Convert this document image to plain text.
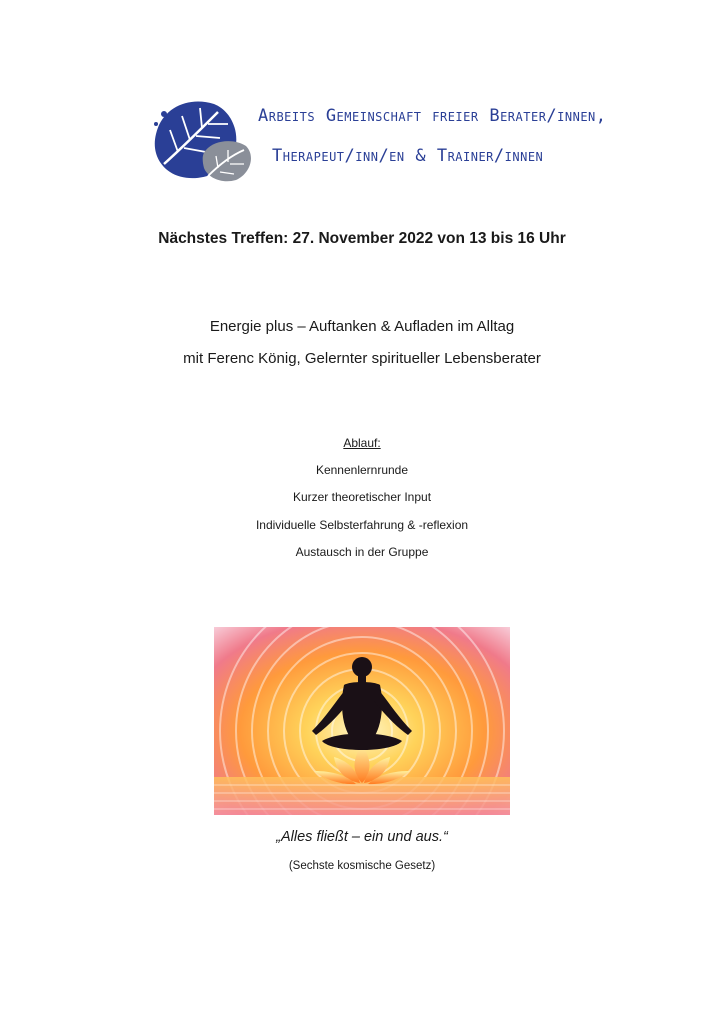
Arbeits Gemeinschaft freier Berater/innen,
Therapeut/inn/en & Trainer/innen
Nächstes Treffen: 27. November 2022 von 13 bis 16 Uhr
Energie plus – Auftanken & Aufladen im Alltag
mit Ferenc König, Gelernter spiritueller Lebensberater
Ablauf:
Kennenlernrunde
Kurzer theoretischer Input
Individuelle Selbsterfahrung & -reflexion
Austausch in der Gruppe
„Alles fließt – ein und aus.“
(Sechste kosmische Gesetz)
